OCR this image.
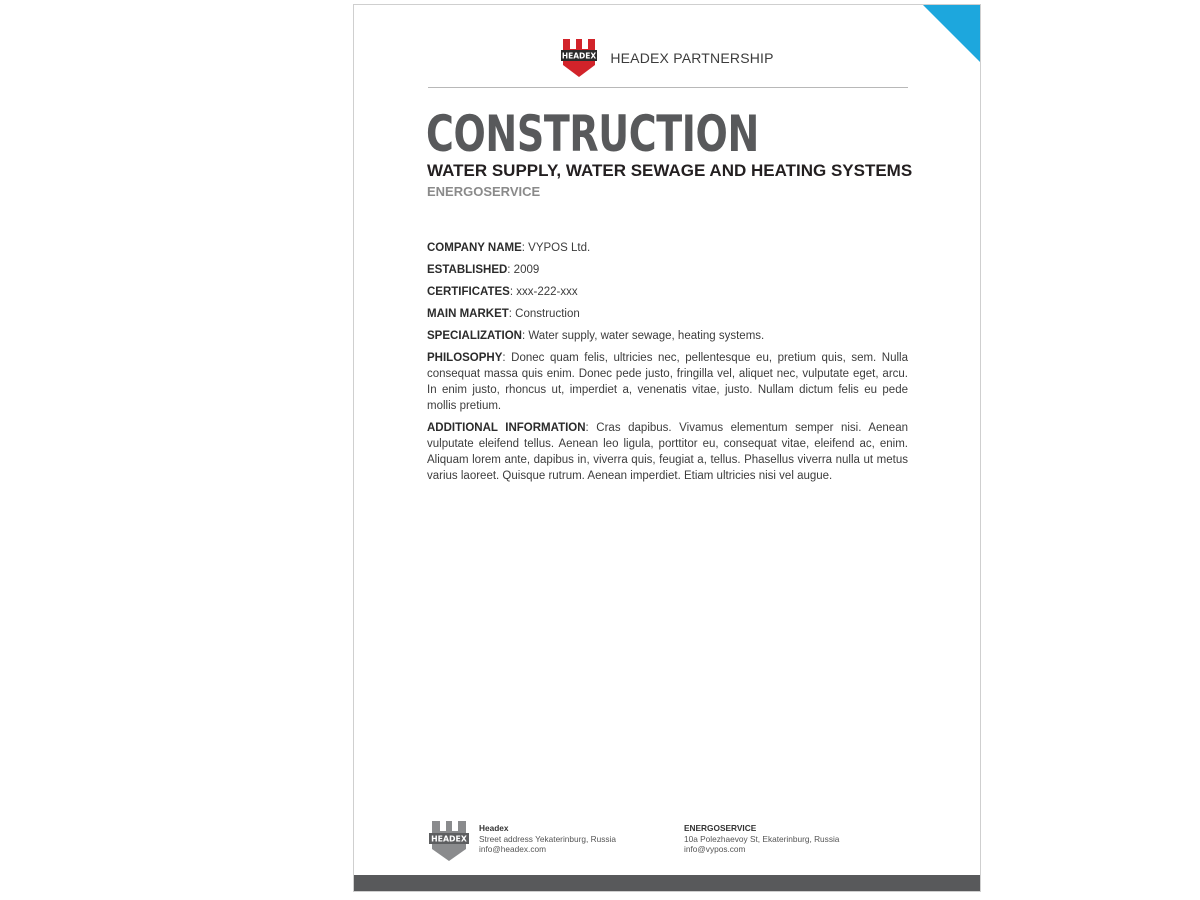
HEADEX HEADEX PARTNERSHIP
CONSTRUCTION
WATER SUPPLY, WATER SEWAGE AND HEATING SYSTEMS
ENERGOSERVICE

COMPANY NAME: VYPOS Ltd.

ESTABLISHED: 2009

CERTIFICATES: xxx-222-xxx

MAIN MARKET: Construction

SPECIALIZATION: Water supply, water sewage, heating systems.

PHILOSOPHY: Donec quam felis, ultricies nec, pellentesque eu, pretium quis, sem. Nulla consequat massa quis enim. Donec pede justo, fringilla vel, aliquet nec, vulputate eget, arcu. In enim justo, rhoncus ut, imperdiet a, venenatis vitae, justo. Nullam dictum felis eu pede mollis pretium.

ADDITIONAL INFORMATION: Cras dapibus. Vivamus elementum semper nisi. Aenean vulputate eleifend tellus. Aenean leo ligula, porttitor eu, consequat vitae, eleifend ac, enim. Aliquam lorem ante, dapibus in, viverra quis, feugiat a, tellus. Phasellus viverra nulla ut metus varius laoreet. Quisque rutrum. Aenean imperdiet. Etiam ultricies nisi vel augue.

HEADEX
Headex
Street address Yekaterinburg, Russia
info@headex.com
ENERGOSERVICE
10a Polezhaevoy St, Ekaterinburg, Russia
info@vypos.com
